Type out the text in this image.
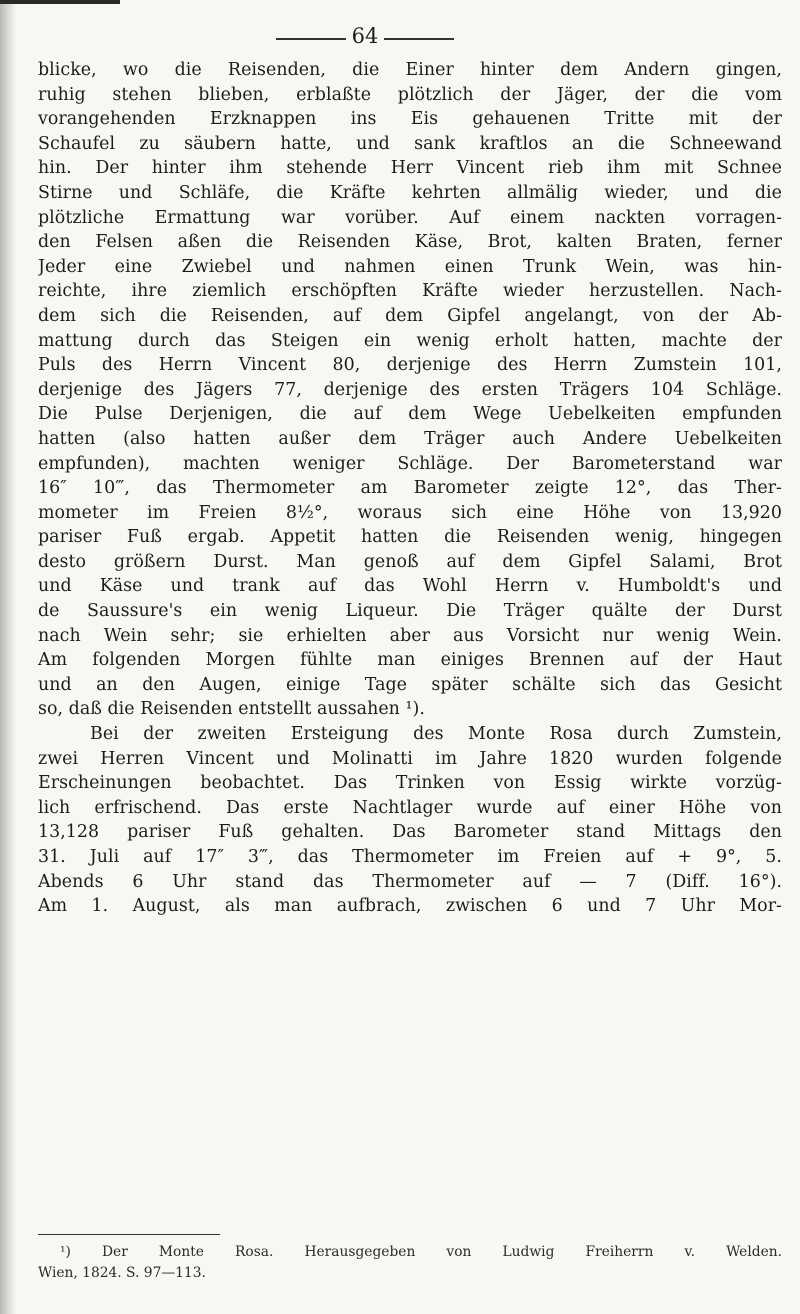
64
blicke, wo die Reisenden, die Einer hinter dem Andern gingen,
ruhig stehen blieben, erblaßte plötzlich der Jäger, der die vom
vorangehenden Erzknappen ins Eis gehauenen Tritte mit der
Schaufel zu säubern hatte, und sank kraftlos an die Schneewand
hin. Der hinter ihm stehende Herr Vincent rieb ihm mit Schnee
Stirne und Schläfe, die Kräfte kehrten allmälig wieder, und die
plötzliche Ermattung war vorüber. Auf einem nackten vorragen-
den Felsen aßen die Reisenden Käse, Brot, kalten Braten, ferner
Jeder eine Zwiebel und nahmen einen Trunk Wein, was hin-
reichte, ihre ziemlich erschöpften Kräfte wieder herzustellen. Nach-
dem sich die Reisenden, auf dem Gipfel angelangt, von der Ab-
mattung durch das Steigen ein wenig erholt hatten, machte der
Puls des Herrn Vincent 80, derjenige des Herrn Zumstein 101,
derjenige des Jägers 77, derjenige des ersten Trägers 104 Schläge.
Die Pulse Derjenigen, die auf dem Wege Uebelkeiten empfunden
hatten (also hatten außer dem Träger auch Andere Uebelkeiten
empfunden), machten weniger Schläge. Der Barometerstand war
16″ 10‴, das Thermometer am Barometer zeigte 12°, das Ther-
mometer im Freien 8½°, woraus sich eine Höhe von 13,920
pariser Fuß ergab. Appetit hatten die Reisenden wenig, hingegen
desto größern Durst. Man genoß auf dem Gipfel Salami, Brot
und Käse und trank auf das Wohl Herrn v. Humboldt's und
de Saussure's ein wenig Liqueur. Die Träger quälte der Durst
nach Wein sehr; sie erhielten aber aus Vorsicht nur wenig Wein.
Am folgenden Morgen fühlte man einiges Brennen auf der Haut
und an den Augen, einige Tage später schälte sich das Gesicht
so, daß die Reisenden entstellt aussahen ¹).
Bei der zweiten Ersteigung des Monte Rosa durch Zumstein,
zwei Herren Vincent und Molinatti im Jahre 1820 wurden folgende
Erscheinungen beobachtet. Das Trinken von Essig wirkte vorzüg-
lich erfrischend. Das erste Nachtlager wurde auf einer Höhe von
13,128 pariser Fuß gehalten. Das Barometer stand Mittags den
31. Juli auf 17″ 3‴, das Thermometer im Freien auf + 9°, 5.
Abends 6 Uhr stand das Thermometer auf — 7 (Diff. 16°).
Am 1. August, als man aufbrach, zwischen 6 und 7 Uhr Mor-
¹) Der Monte Rosa. Herausgegeben von Ludwig Freiherrn v. Welden.
Wien, 1824. S. 97—113.
